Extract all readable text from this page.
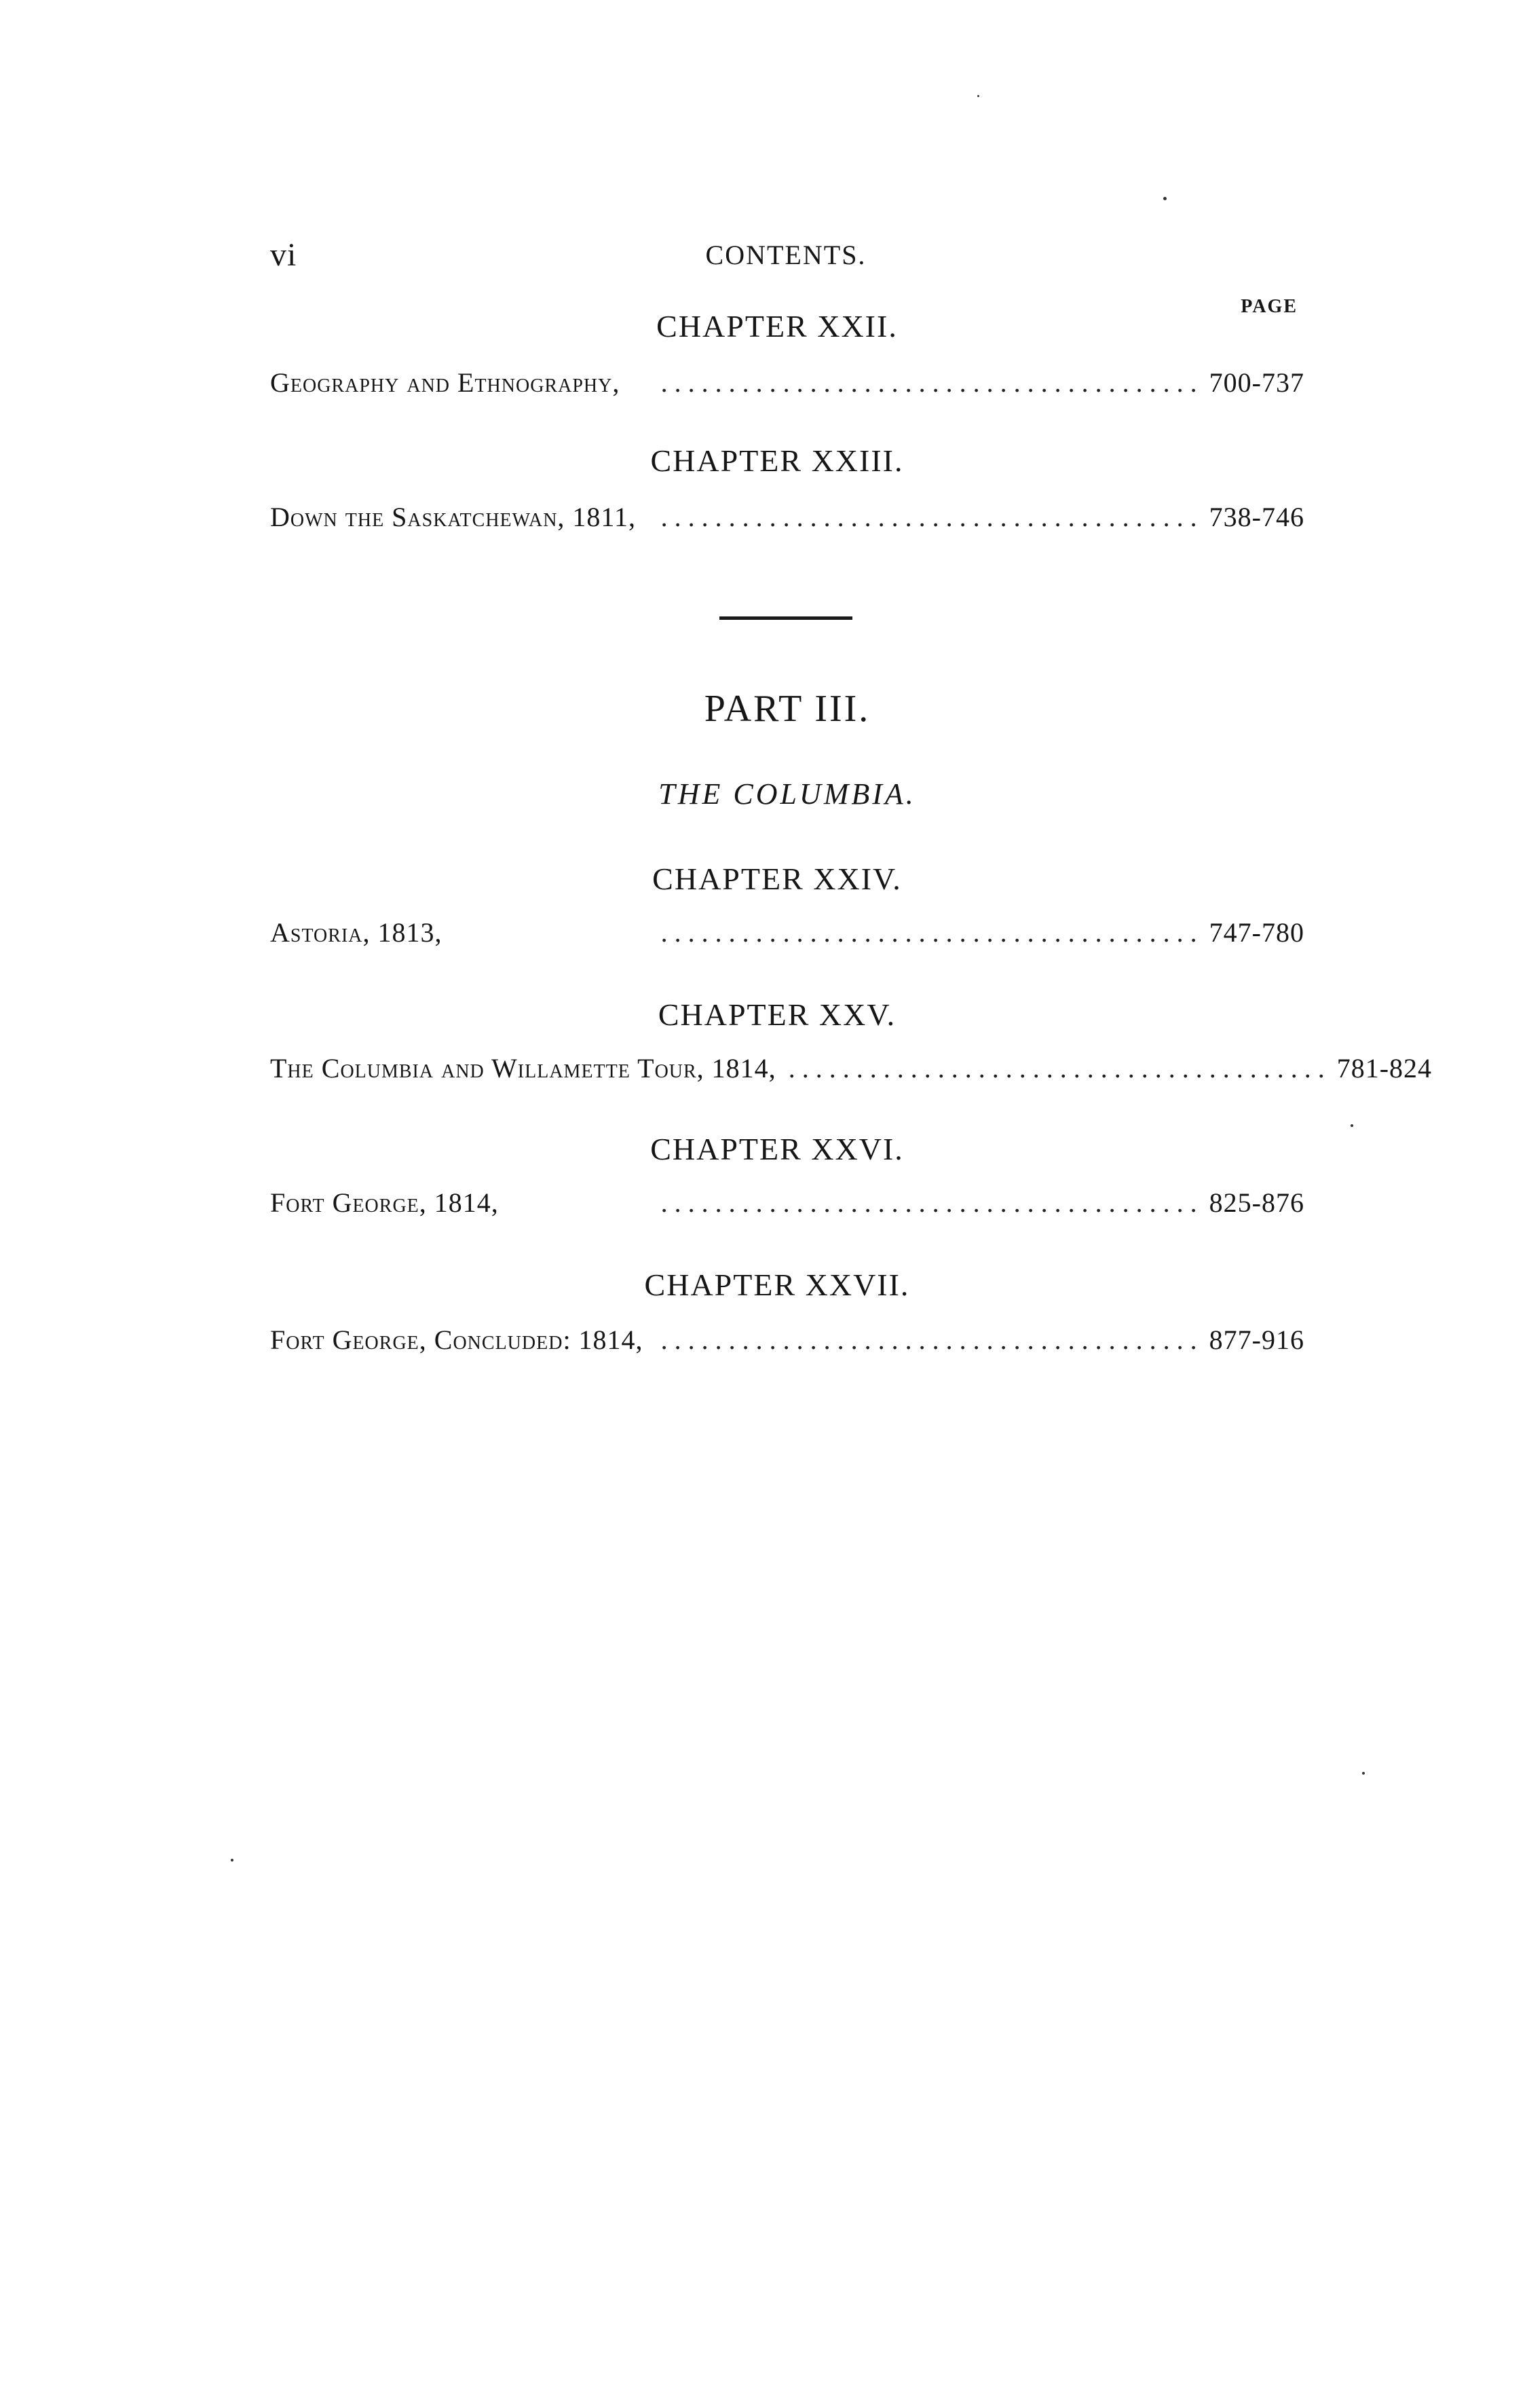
vi	CONTENTS.
PAGE
CHAPTER XXII.
Geography and Ethnography,	. . . . . . . . . . . . . . . . . . . . . . . . . . . . . . . . . . . . . . . . 700-737
CHAPTER XXIII.
Down the Saskatchewan, 1811, . . . . . . . . . . . . . . . . . . . . . . . . . . . . . . . . . . . . . . . . 738-746
PART III.
THE COLUMBIA.
CHAPTER XXIV.
Astoria, 1813,	. . . . . . . . . . . . . . . . . . . . . . . . . . . . . . . . . . . . . . . . 747-780
CHAPTER XXV.
The Columbia and Willamette Tour, 1814, . . . . . . . . . . . . . . . . . . . . . . . . . . . . . . . . . . . . . . . . 781-824
CHAPTER XXVI.
Fort George, 1814,	. . . . . . . . . . . . . . . . . . . . . . . . . . . . . . . . . . . . . . . . 825-876
CHAPTER XXVII.
Fort George, Concluded: 1814, . . . . . . . . . . . . . . . . . . . . . . . . . . . . . . . . . . . . . . . . 877-916
